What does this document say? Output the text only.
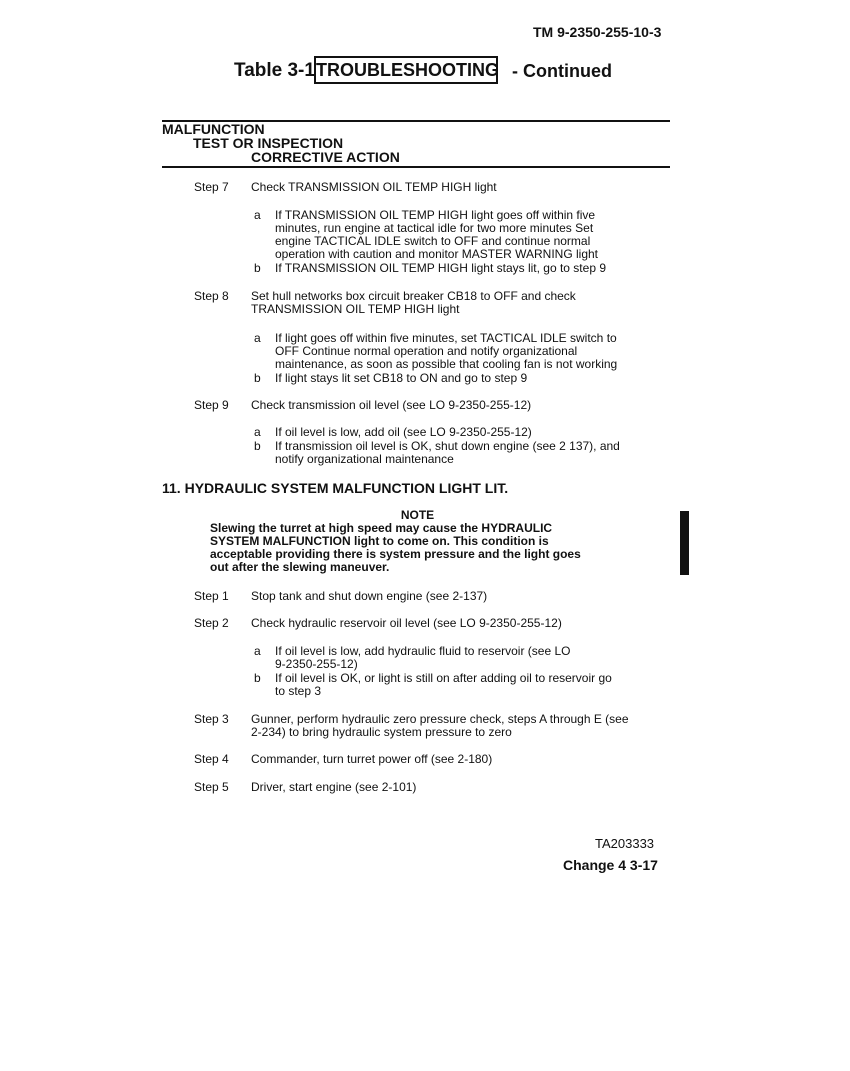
TM 9-2350-255-10-3
Table 3-1 TROUBLESHOOTING - Continued
MALFUNCTION
TEST OR INSPECTION
CORRECTIVE ACTION
Step 7	Check TRANSMISSION OIL TEMP HIGH light
a	If TRANSMISSION OIL TEMP HIGH light goes off within five
minutes, run engine at tactical idle for two more minutes Set
engine TACTICAL IDLE switch to OFF and continue normal
operation with caution and monitor MASTER WARNING light
b	If TRANSMISSION OIL TEMP HIGH light stays lit, go to step 9
Step 8	Set hull networks box circuit breaker CB18 to OFF and check
TRANSMISSION OIL TEMP HIGH light
a	If light goes off within five minutes, set TACTICAL IDLE switch to
OFF Continue normal operation and notify organizational
maintenance, as soon as possible that cooling fan is not working
b	If light stays lit set CB18 to ON and go to step 9
Step 9	Check transmission oil level (see LO 9-2350-255-12)
a	If oil level is low, add oil (see LO 9-2350-255-12)
b	If transmission oil level is OK, shut down engine (see 2 137), and
notify organizational maintenance
11. HYDRAULIC SYSTEM MALFUNCTION LIGHT LIT.
NOTE
Slewing the turret at high speed may cause the HYDRAULIC
SYSTEM MALFUNCTION light to come on. This condition is
acceptable providing there is system pressure and the light goes
out after the slewing maneuver.
Step 1	Stop tank and shut down engine (see 2-137)
Step 2	Check hydraulic reservoir oil level (see LO 9-2350-255-12)
a	If oil level is low, add hydraulic fluid to reservoir (see LO
9-2350-255-12)
b	If oil level is OK, or light is still on after adding oil to reservoir go
to step 3
Step 3	Gunner, perform hydraulic zero pressure check, steps A through E (see
2-234) to bring hydraulic system pressure to zero
Step 4	Commander, turn turret power off (see 2-180)
Step 5	Driver, start engine (see 2-101)
TA203333
Change 4 3-17
